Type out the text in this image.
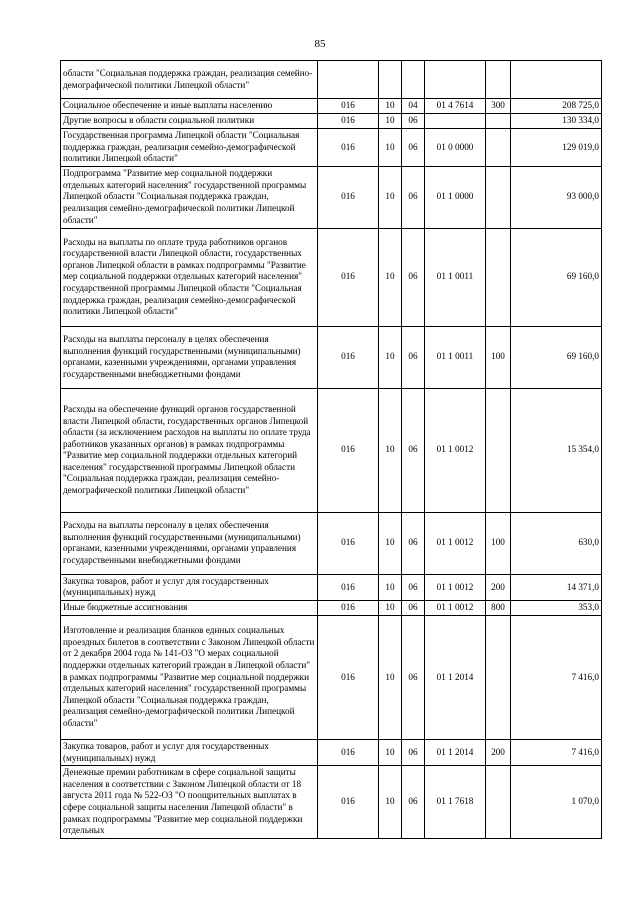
85
области "Социальная поддержка граждан, реализация семейно-демографической политики Липецкой области"						
Социальное обеспечение и иные выплаты населению	016	10	04	01 4 7614	300	208 725,0
Другие вопросы в области социальной политики	016	10	06			130 334,0
Государственная программа Липецкой области "Социальная поддержка граждан, реализация семейно-демографической политики Липецкой области"	016	10	06	01 0 0000		129 019,0
Подпрограмма "Развитие мер социальной поддержки отдельных категорий населения" государственной программы Липецкой области "Социальная поддержка граждан, реализация семейно-демографической политики Липецкой области"	016	10	06	01 1 0000		93 000,0
Расходы на выплаты по оплате труда работников органов государственной власти Липецкой области, государственных органов Липецкой области в рамках подпрограммы "Развитие мер социальной поддержки отдельных категорий населения" государственной программы Липецкой области "Социальная поддержка граждан, реализация семейно-демографической политики Липецкой области"	016	10	06	01 1 0011		69 160,0
Расходы на выплаты персоналу в целях обеспечения выполнения функций государственными (муниципальными) органами, казенными учреждениями, органами управления государственными внебюджетными фондами	016	10	06	01 1 0011	100	69 160,0
Расходы на обеспечение функций органов государственной власти Липецкой области, государственных органов Липецкой области (за исключением расходов на выплаты по оплате труда работников указанных органов) в рамках подпрограммы "Развитие мер социальной поддержки отдельных категорий населения" государственной программы Липецкой области "Социальная поддержка граждан, реализация семейно-демографической политики Липецкой области"	016	10	06	01 1 0012		15 354,0
Расходы на выплаты персоналу в целях обеспечения выполнения функций государственными (муниципальными) органами, казенными учреждениями, органами управления государственными внебюджетными фондами	016	10	06	01 1 0012	100	630,0
Закупка товаров, работ и услуг для государственных (муниципальных) нужд	016	10	06	01 1 0012	200	14 371,0
Иные бюджетные ассигнования	016	10	06	01 1 0012	800	353,0
Изготовление и реализация бланков единых социальных проездных билетов в соответствии с Законом Липецкой области от 2 декабря 2004 года № 141-ОЗ "О мерах социальной поддержки отдельных категорий граждан в Липецкой области" в рамках подпрограммы "Развитие мер социальной поддержки отдельных категорий населения" государственной программы Липецкой области "Социальная поддержка граждан, реализация семейно-демографической политики Липецкой области"	016	10	06	01 1 2014		7 416,0
Закупка товаров, работ и услуг для государственных (муниципальных) нужд	016	10	06	01 1 2014	200	7 416,0
Денежные премии работникам в сфере социальной защиты населения в соответствии с Законом Липецкой области от 18 августа 2011 года № 522-ОЗ "О поощрительных выплатах в сфере социальной защиты населения Липецкой области" в рамках подпрограммы "Развитие мер социальной поддержки отдельных	016	10	06	01 1 7618		1 070,0
